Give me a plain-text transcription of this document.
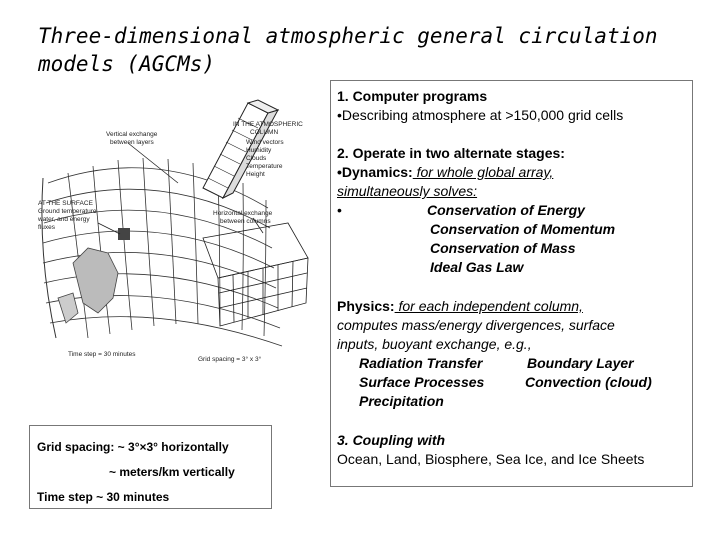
Three-dimensional atmospheric general circulation models (AGCMs)
Vertical exchange
between layers
IN THE ATMOSPHERIC
COLUMN
Wind vectors
Humidity
Clouds
Temperature
Height
AT THE SURFACE
Ground temperature
water, and energy
fluxes
Horizontal exchange
between columns
Time step = 30 minutes
Grid spacing = 3° x 3°
1. Computer programs
•Describing atmosphere at >150,000 grid cells
2. Operate in two alternate stages:
•Dynamics: for whole global array,
simultaneously solves:
•	Conservation of Energy
Conservation of Momentum
Conservation of Mass
Ideal Gas Law
Physics: for each independent column,
computes mass/energy divergences, surface
inputs, buoyant exchange, e.g.,
Radiation Transfer	Boundary Layer
Surface Processes	Convection (cloud)
Precipitation
3. Coupling with
Ocean, Land, Biosphere, Sea Ice, and Ice Sheets
Grid spacing: ~ 3°×3° horizontally
~ meters/km vertically
Time step ~ 30 minutes
